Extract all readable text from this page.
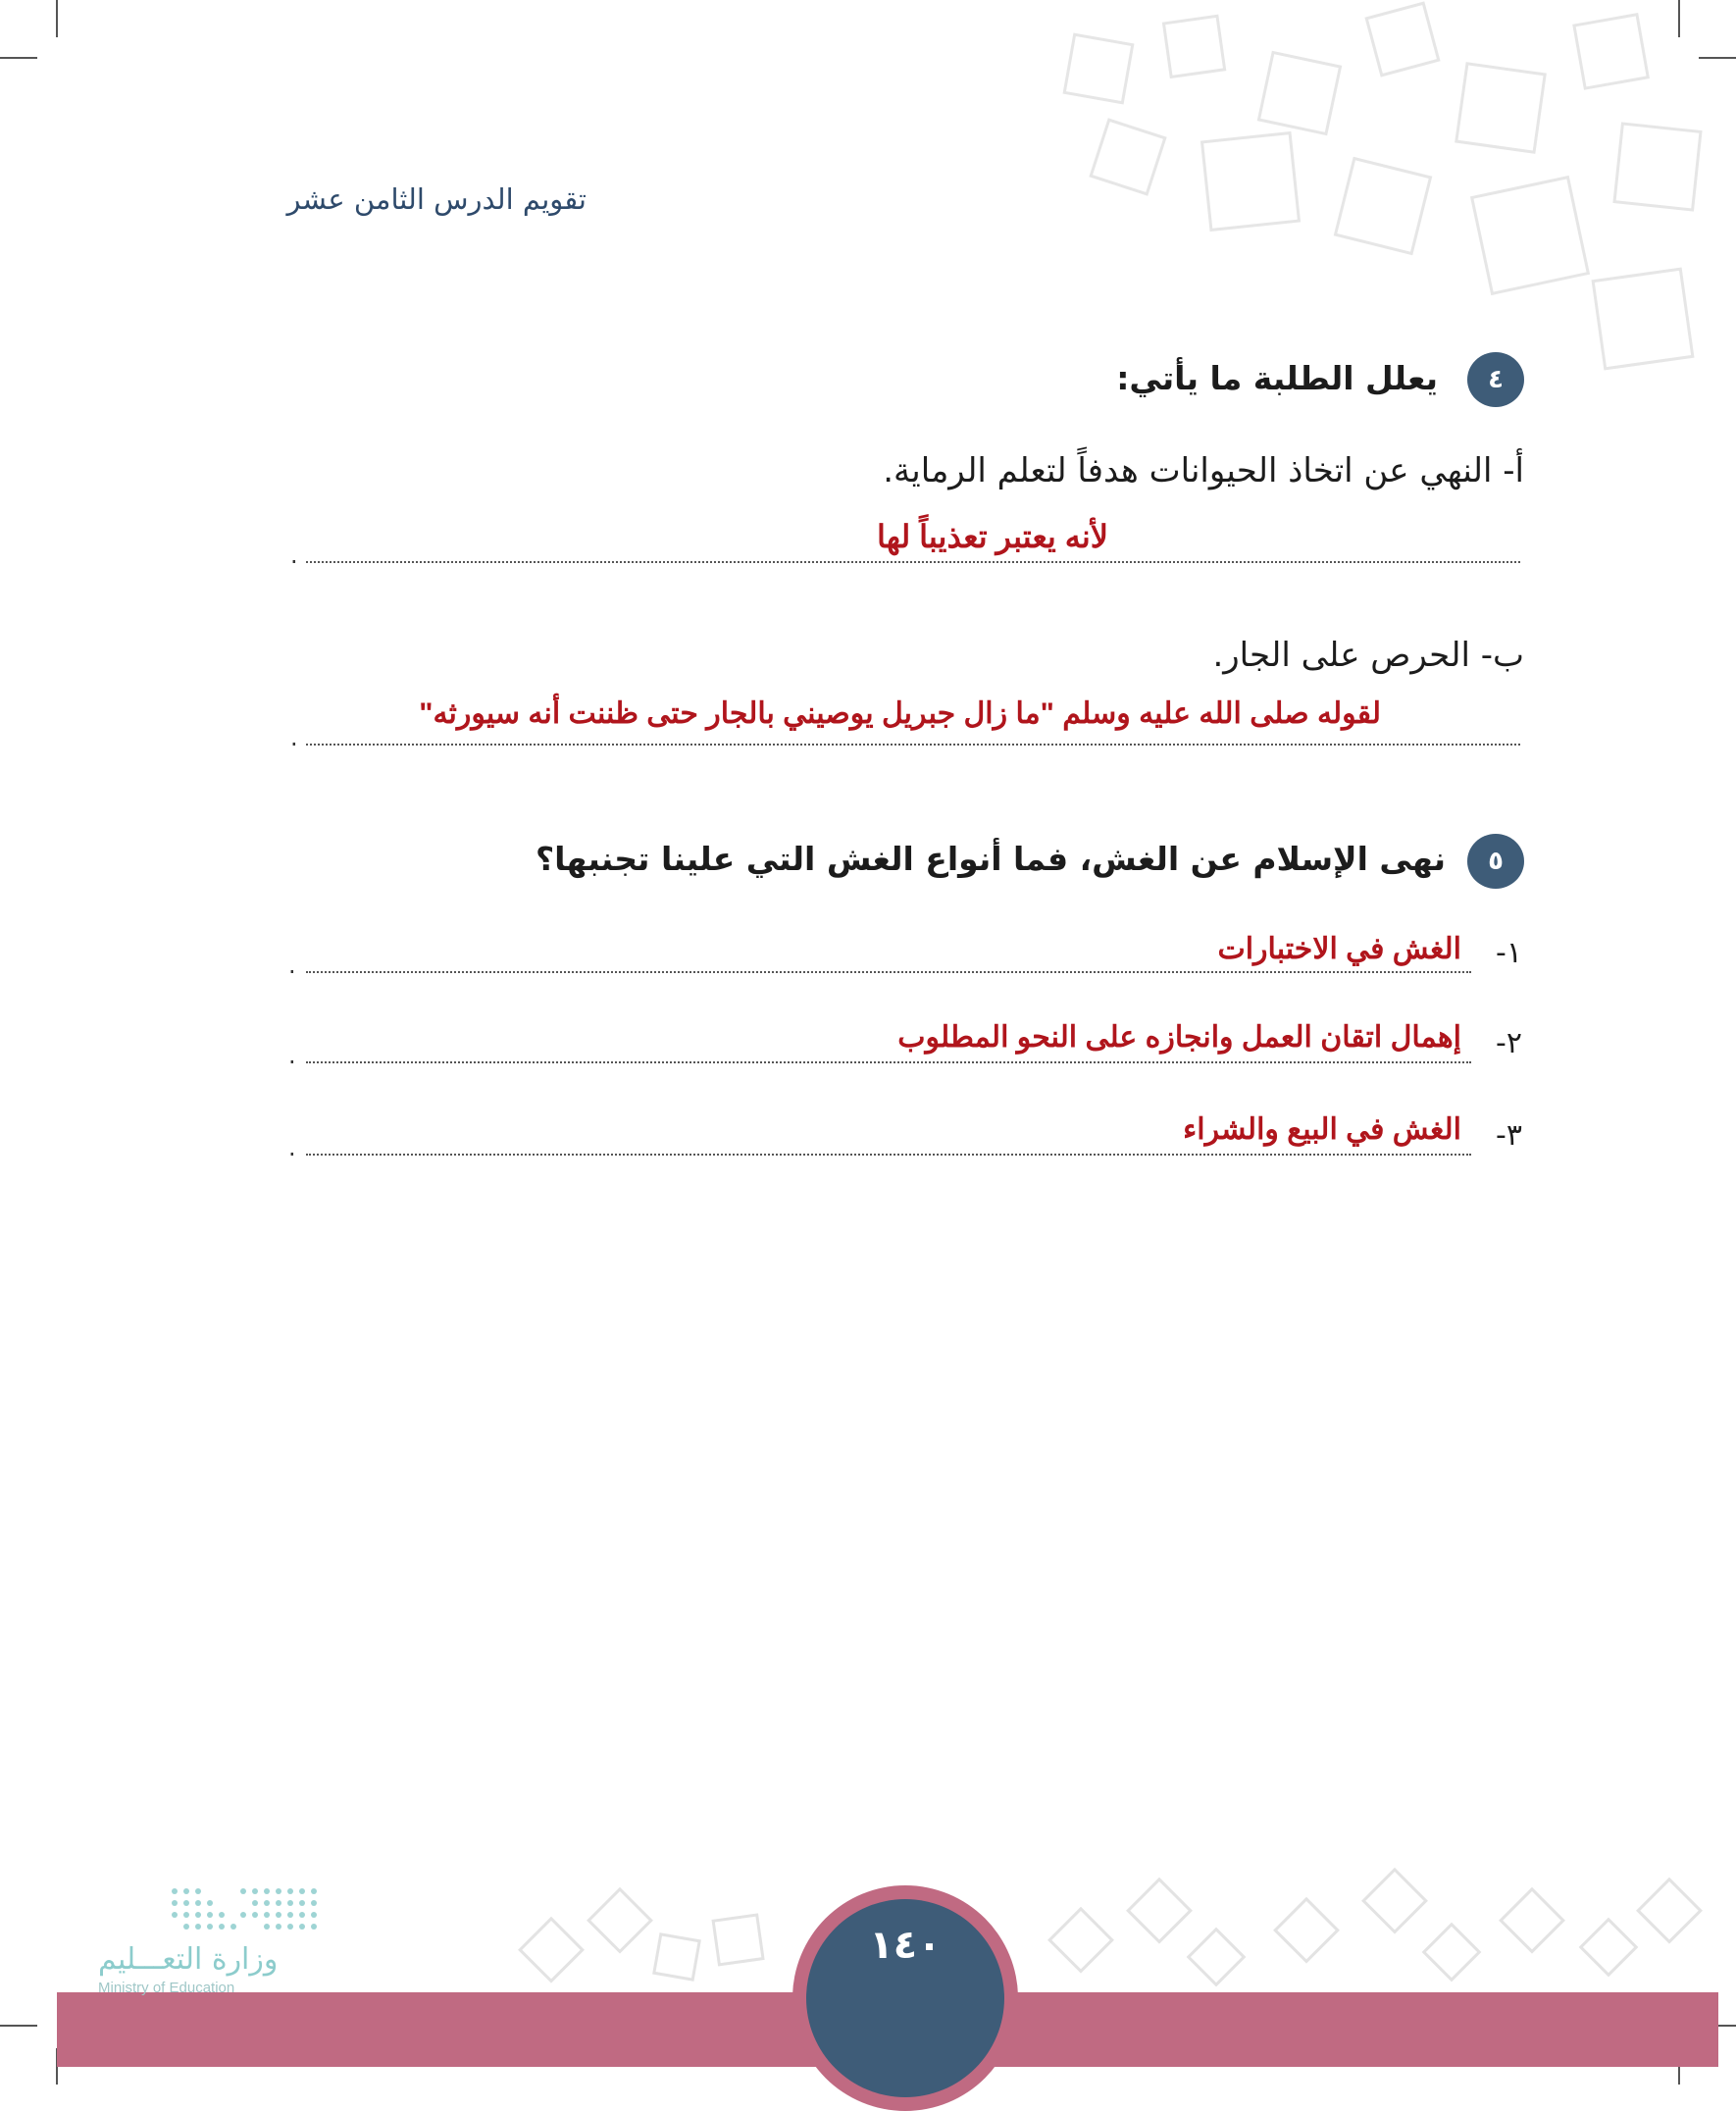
تقويم الدرس الثامن عشر
٤
يعلل الطلبة ما يأتي:
أ- النهي عن اتخاذ الحيوانات هدفاً لتعلم الرماية.
لأنه يعتبر تعذيباً لها
.
ب- الحرص على الجار.
لقوله صلى الله عليه وسلم "ما زال جبريل يوصيني بالجار حتى ظننت أنه سيورثه"
.
٥
نهى الإسلام عن الغش، فما أنواع الغش التي علينا تجنبها؟
١-
الغش في الاختبارات
.
٢-
إهمال اتقان العمل وانجازه على النحو المطلوب
.
٣-
الغش في البيع والشراء
.
١٤٠
وزارة التعـــليم
Ministry of Education
